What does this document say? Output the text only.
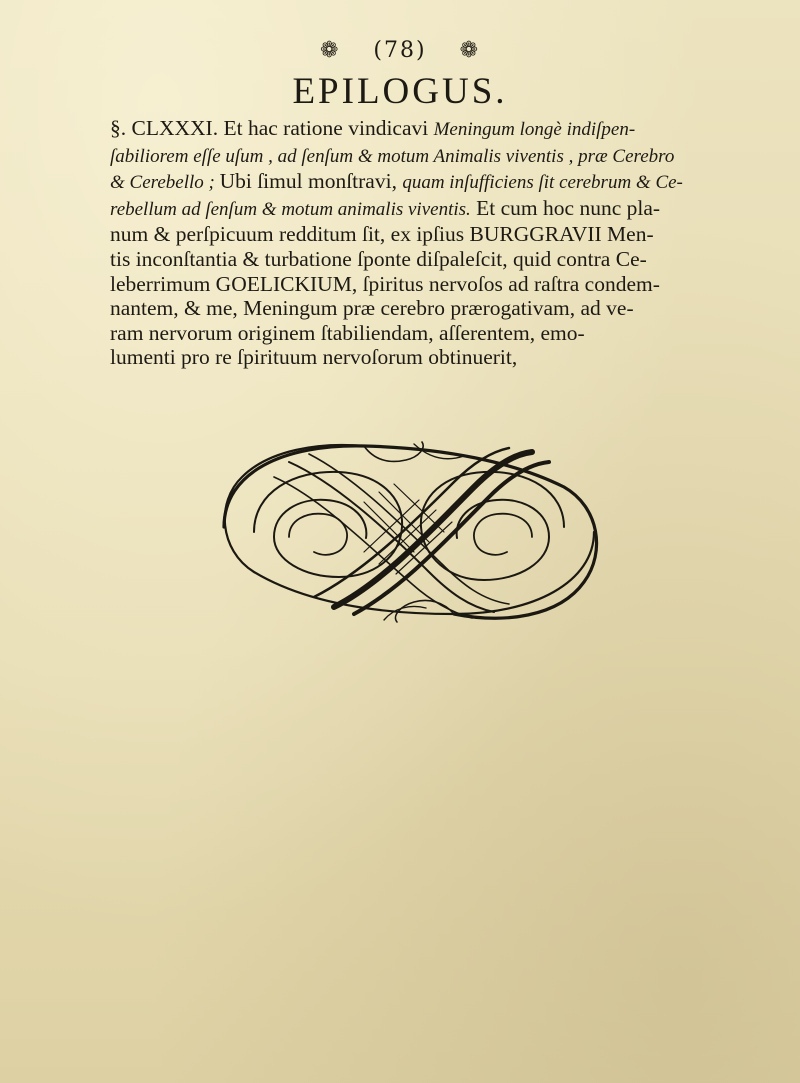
❁ (78) ❁
EPILOGUS.
§. CLXXXI. Et hac ratione vindicavi Meningum longè indiſpen-
ſabiliorem eſſe uſum , ad ſenſum & motum Animalis viventis , præ Cerebro
& Cerebello ; Ubi ſimul monſtravi, quam inſufficiens ſit cerebrum & Ce-
rebellum ad ſenſum & motum animalis viventis. Et cum hoc nunc pla-
num & perſpicuum redditum ſit, ex ipſius BURGGRAVII Men-
tis inconſtantia & turbatione ſponte diſpaleſcit, quid contra Ce-
leberrimum GOELICKIUM, ſpiritus nervoſos ad raſtra condem-
nantem, & me, Meningum præ cerebro prærogativam, ad ve-
ram nervorum originem ſtabiliendam, aſſerentem, emo-
lumenti pro re ſpirituum nervoſorum obtinuerit,
